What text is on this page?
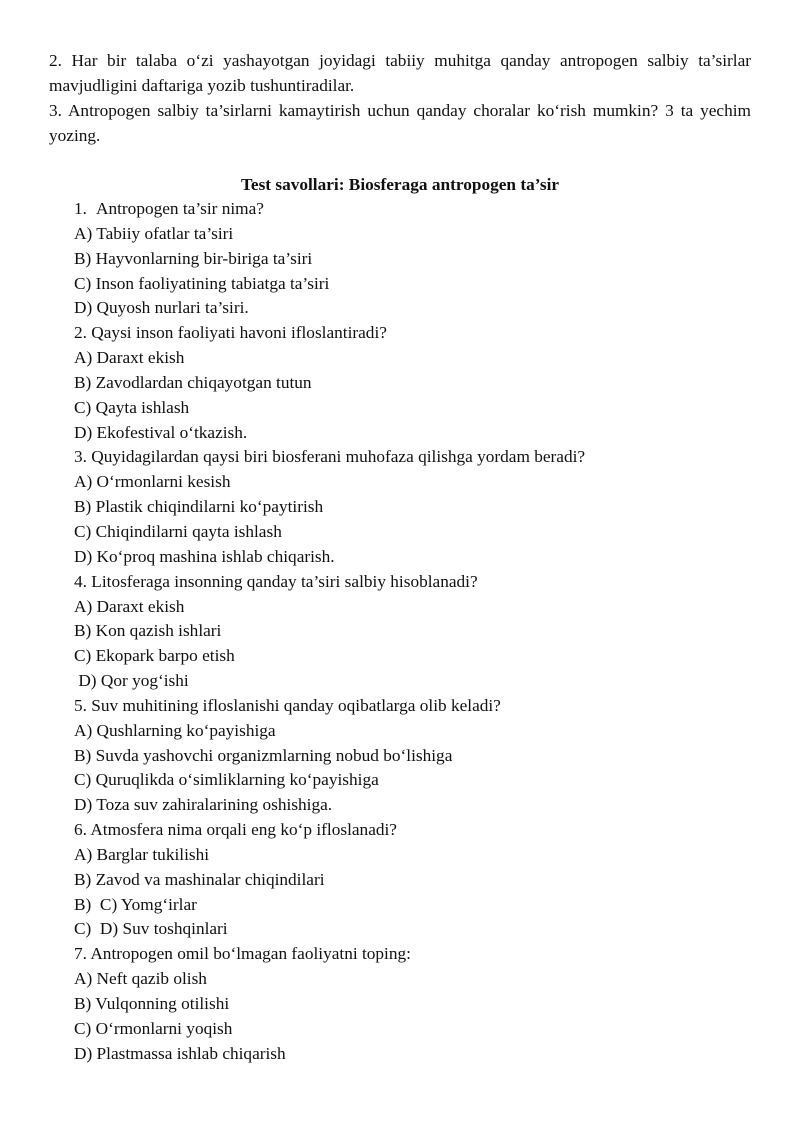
2. Har bir talaba o‘zi yashayotgan joyidagi tabiiy muhitga qanday antropogen salbiy ta’sirlar mavjudligini daftariga yozib tushuntiradilar.

3. Antropogen salbiy ta’sirlarni kamaytirish uchun qanday choralar ko‘rish mumkin? 3 ta yechim yozing.

Test savollari: Biosferaga antropogen ta’sir
1. Antropogen ta’sir nima?
A) Tabiiy ofatlar ta’siri
B) Hayvonlarning bir-biriga ta’siri
C) Inson faoliyatining tabiatga ta’siri
D) Quyosh nurlari ta’siri.
2. Qaysi inson faoliyati havoni ifloslantiradi?
A) Daraxt ekish
B) Zavodlardan chiqayotgan tutun
C) Qayta ishlash
D) Ekofestival o‘tkazish.
3. Quyidagilardan qaysi biri biosferani muhofaza qilishga yordam beradi?
A) O‘rmonlarni kesish
B) Plastik chiqindilarni ko‘paytirish
C) Chiqindilarni qayta ishlash
D) Ko‘proq mashina ishlab chiqarish.
4. Litosferaga insonning qanday ta’siri salbiy hisoblanadi?
A) Daraxt ekish
B) Kon qazish ishlari
C) Ekopark barpo etish
D) Qor yog‘ishi
5. Suv muhitining ifloslanishi qanday oqibatlarga olib keladi?
A) Qushlarning ko‘payishiga
B) Suvda yashovchi organizmlarning nobud bo‘lishiga
C) Quruqlikda o‘simliklarning ko‘payishiga
D) Toza suv zahiralarining oshishiga.
6. Atmosfera nima orqali eng ko‘p ifloslanadi?
A) Barglar tukilishi
B) Zavod va mashinalar chiqindilari
B)  C) Yomg‘irlar
C)  D) Suv toshqinlari
7. Antropogen omil bo‘lmagan faoliyatni toping:
A) Neft qazib olish
B) Vulqonning otilishi
C) O‘rmonlarni yoqish
D) Plastmassa ishlab chiqarish
